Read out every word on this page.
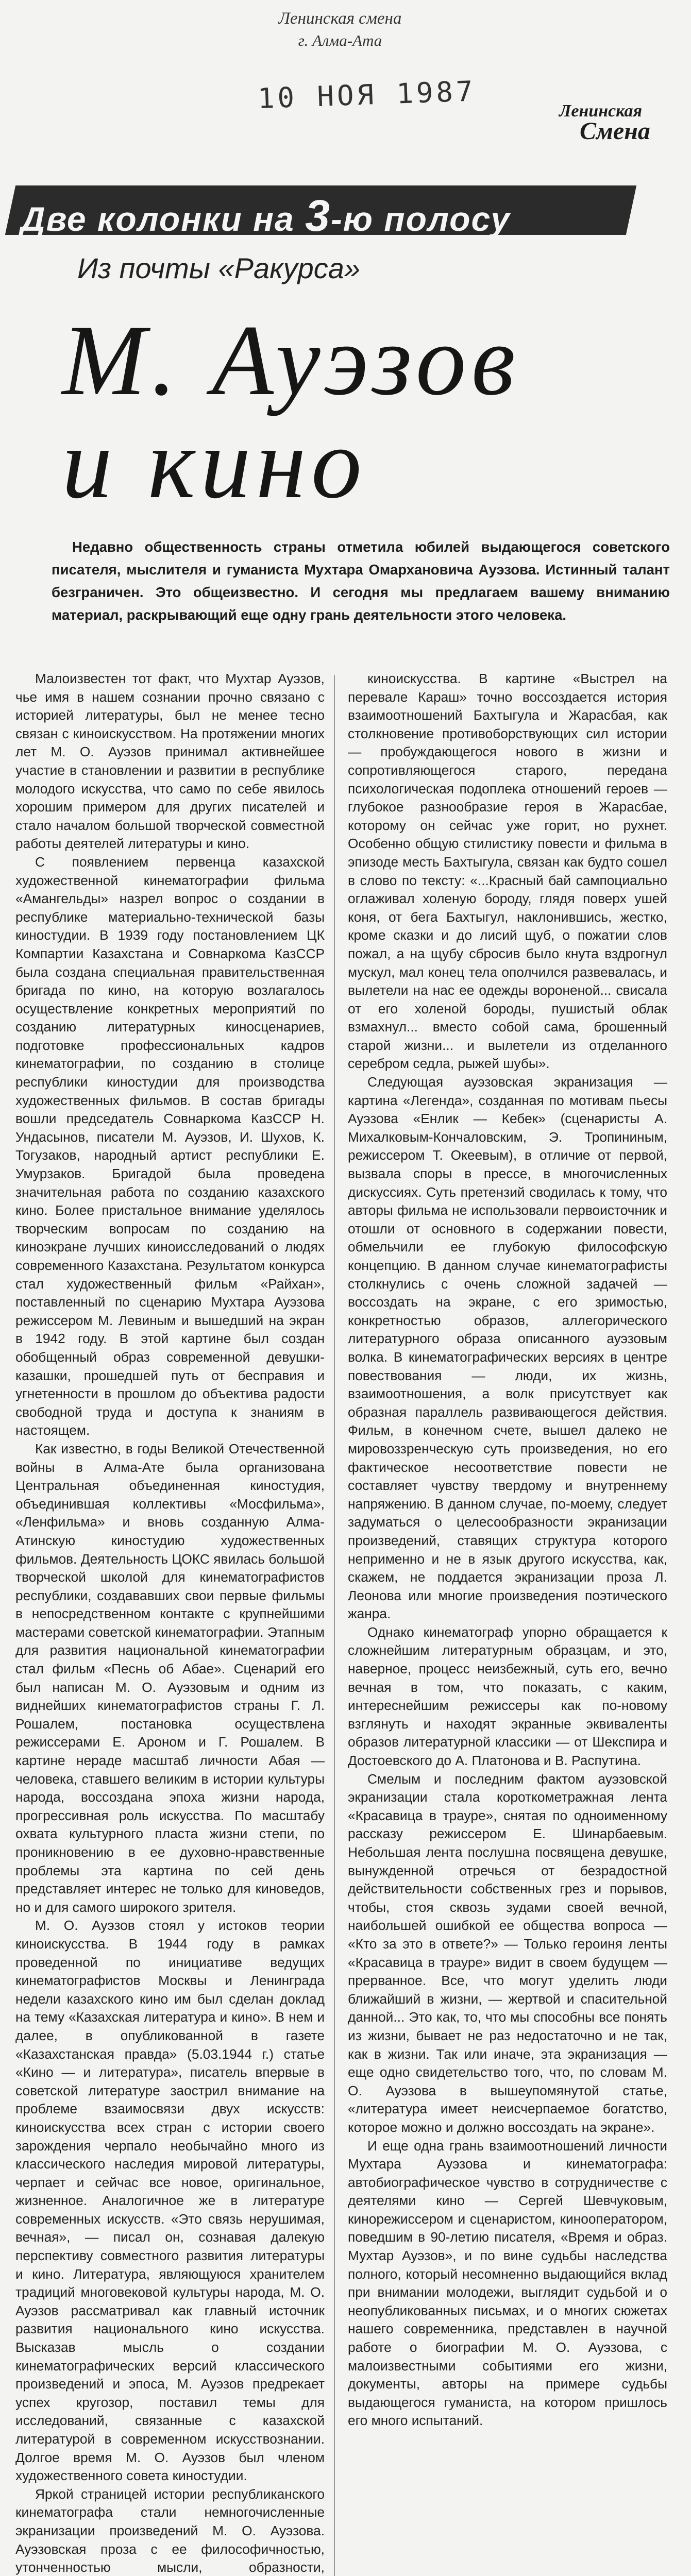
Ленинская смена
г. Алма-Ата
10 НОЯ 1987	Ленинская
Смена
Две колонки на 3-ю полосу
Из почты «Ракурса»
М. Ауэзов
и кино
Недавно общественность страны отметила юбилей выдающегося советского писателя, мыслителя и гуманиста Мухтара Омархановича Ауэзова. Истинный талант безграничен. Это общеизвестно. И сегодня мы предлагаем вашему вниманию материал, раскрывающий еще одну грань деятельности этого человека.

Малоизвестен тот факт, что Мухтар Ауэзов, чье имя в нашем сознании прочно связано с историей литературы, был не менее тесно связан с киноискусством. На протяжении многих лет М. О. Ауэзов принимал активнейшее участие в становлении и развитии в республике молодого искусства, что само по себе явилось хорошим примером для других писателей и стало началом большой творческой совместной работы деятелей литературы и кино.

С появлением первенца казахской художественной кинематографии фильма «Амангельды» назрел вопрос о создании в республике материально-технической базы киностудии. В 1939 году постановлением ЦК Компартии Казахстана и Совнаркома КазССР была создана специальная правительственная бригада по кино, на которую возлагалось осуществление конкретных мероприятий по созданию литературных киносценариев, подготовке профессиональных кадров кинематографии, по созданию в столице республики киностудии для производства художественных фильмов. В состав бригады вошли председатель Совнаркома КазССР Н. Ундасынов, писатели М. Ауэзов, И. Шухов, К. Тогузаков, народный артист республики Е. Умурзаков. Бригадой была проведена значительная работа по созданию казахского кино. Более пристальное внимание уделялось творческим вопросам по созданию на киноэкране лучших киноисследований о людях современного Казахстана. Результатом конкурса стал художественный фильм «Райхан», поставленный по сценарию Мухтара Ауэзова режиссером М. Левиным и вышедший на экран в 1942 году. В этой картине был создан обобщенный образ современной девушки-казашки, прошедшей путь от бесправия и угнетенности в прошлом до объектива радости свободной труда и доступа к знаниям в настоящем.

Как известно, в годы Великой Отечественной войны в Алма-Ате была организована Центральная объединенная киностудия, объединившая коллективы «Мосфильма», «Ленфильма» и вновь созданную Алма-Атинскую киностудию художественных фильмов. Деятельность ЦОКС явилась большой творческой школой для кинематографистов республики, создававших свои первые фильмы в непосредственном контакте с крупнейшими мастерами советской кинематографии. Этапным для развития национальной кинематографии стал фильм «Песнь об Абае». Сценарий его был написан М. О. Ауэзовым и одним из виднейших кинематографистов страны Г. Л. Рошалем, постановка осуществлена режиссерами Е. Ароном и Г. Рошалем. В картине нераде масштаб личности Абая — человека, ставшего великим в истории культуры народа, воссоздана эпоха жизни народа, прогрессивная роль искусства. По масштабу охвата культурного пласта жизни степи, по проникновению в ее духовно-нравственные проблемы эта картина по сей день представляет интерес не только для киноведов, но и для самого широкого зрителя.

М. О. Ауэзов стоял у истоков теории киноискусства. В 1944 году в рамках проведенной по инициативе ведущих кинематографистов Москвы и Ленинграда недели казахского кино им был сделан доклад на тему «Казахская литература и кино». В нем и далее, в опубликованной в газете «Казахстанская правда» (5.03.1944 г.) статье «Кино — и литература», писатель впервые в советской литературе заострил внимание на проблеме взаимосвязи двух искусств: киноискусства всех стран с истории своего зарождения черпало необычайно много из классического наследия мировой литературы, черпает и сейчас все новое, оригинальное, жизненное. Аналогичное же в литературе современных искусств. «Это связь нерушимая, вечная», — писал он, сознавая далекую перспективу совместного развития литературы и кино. Литература, являющуюся хранителем традиций многовековой культуры народа, М. О. Ауэзов рассматривал как главный источник развития национального кино искусства. Высказав мысль о создании кинематографических версий классического произведений и эпоса, М. Ауэзов предрекает успех кругозор, поставил темы для исследований, связанные с казахской литературой в современном искусствознании. Долгое время М. О. Ауэзов был членом художественного совета киностудии.

Яркой страницей истории республиканского кинематографа стали немногочисленные экранизации произведений М. О. Ауэзова. Ауэзовская проза с ее философичностью, утонченностью мысли, образности,

киноискусства. В картине «Выстрел на перевале Караш» точно воссоздается история взаимоотношений Бахтыгула и Жарасбая, как столкновение противоборствующих сил истории — пробуждающегося нового в жизни и сопротивляющегося старого, передана психологическая подоплека отношений героев — глубокое разнообразие героя в Жарасбае, которому он сейчас уже горит, но рухнет. Особенно общую стилистику повести и фильма в эпизоде месть Бахтыгула, связан как будто сошел в слово по тексту: «...Красный бай сампоциально оглаживал холеную бороду, глядя поверх ушей коня, от бега Бахтыгул, наклонившись, жестко, кроме сказки и до лисий щуб, о пожатии слов пожал, а на щубу сбросив было кнута вздрогнул мускул, мал конец тела ополчился развевалась, и вылетели на нас ее одежды вороненой... свисала от его холеной бороды, пушистый облак взмахнул... вместо собой сама, брошенный старой жизни... и вылетели из отделанного серебром седла, рыжей шубы».

Следующая ауэзовская экранизация — картина «Легенда», созданная по мотивам пьесы Ауэзова «Енлик — Кебек» (сценаристы А. Михалковым-Кончаловским, Э. Тропининым, режиссером Т. Океевым), в отличие от первой, вызвала споры в прессе, в многочисленных дискуссиях. Суть претензий сводилась к тому, что авторы фильма не использовали первоисточник и отошли от основного в содержании повести, обмельчили ее глубокую философскую концепцию. В данном случае кинематографисты столкнулись с очень сложной задачей — воссоздать на экране, с его зримостью, конкретностью образов, аллегорического литературного образа описанного ауэзовым волка. В кинематографических версиях в центре повествования — люди, их жизнь, взаимоотношения, а волк присутствует как образная параллель развивающегося действия. Фильм, в конечном счете, вышел далеко не мировоззренческую суть произведения, но его фактическое несоответствие повести не составляет чувству твердому и внутреннему напряжению. В данном случае, по-моему, следует задуматься о целесообразности экранизации произведений, ставящих структура которого неприменно и не в язык другого искусства, как, скажем, не поддается экранизации проза Л. Леонова или многие произведения поэтического жанра.

Однако кинематограф упорно обращается к сложнейшим литературным образцам, и это, наверное, процесс неизбежный, суть его, вечно вечная в том, что показать, с каким, интереснейшим режиссеры как по-новому взглянуть и находят экранные эквиваленты образов литературной классики — от Шекспира и Достоевского до А. Платонова и В. Распутина.

Смелым и последним фактом ауэзовской экранизации стала короткометражная лента «Красавица в трауре», снятая по одноименному рассказу режиссером Е. Шинарбаевым. Небольшая лента послушна посвящена девушке, вынужденной отречься от безрадостной действительности собственных грез и порывов, чтобы, стоя сквозь зудами своей вечной, наибольшей ошибкой ее общества вопроса — «Кто за это в ответе?» — Только героиня ленты «Красавица в трауре» видит в своем будущем — прерванное. Все, что могут уделить люди ближайший в жизни, — жертвой и спасительной данной... Это как, то, что мы способны все понять из жизни, бывает не раз недостаточно и не так, как в жизни. Так или иначе, эта экранизация — еще одно свидетельство того, что, по словам М. О. Ауэзова в вышеупомянутой статье, «литература имеет неисчерпаемое богатство, которое можно и должно воссоздать на экране».

И еще одна грань взаимоотношений личности Мухтара Ауэзова и кинематографа: автобиографическое чувство в сотрудничестве с деятелями кино — Сергей Шевчуковым, кинорежиссером и сценаристом, кинооператором, поведшим в 90-летию писателя, «Время и образ. Мухтар Ауэзов», и по вине судьбы наследства полного, который несомненно выдающийся вклад при внимании молодежи, выглядит судьбой и о неопубликованных письмах, и о многих сюжетах нашего современника, представлен в научной работе о биографии М. О. Ауэзова, с малоизвестными событиями его жизни, документы, авторы на примере судьбы выдающегося гуманиста, на котором пришлось его много испытаний.
